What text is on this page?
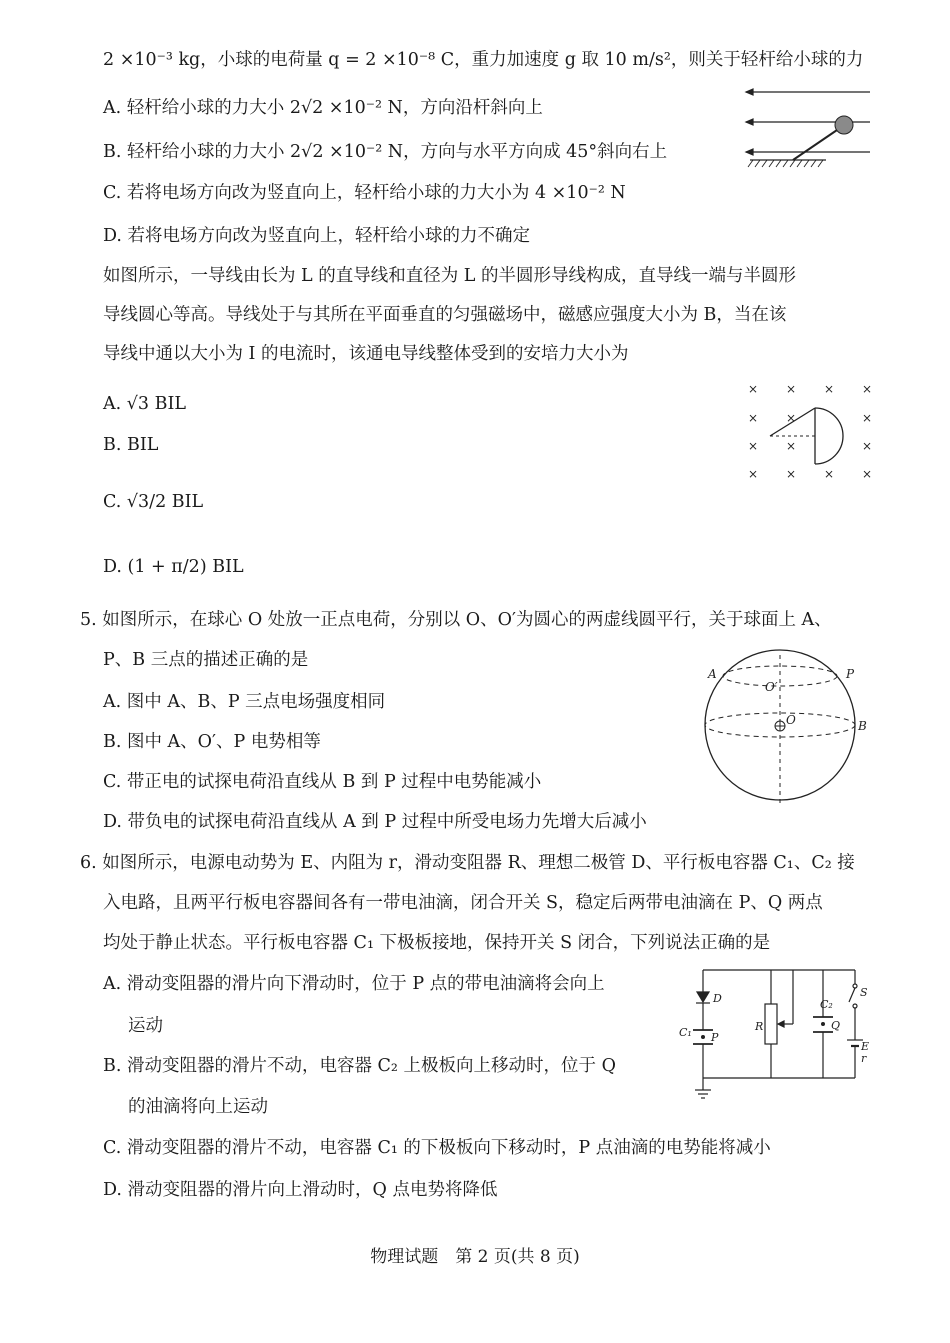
2 ×10⁻³ kg，小球的电荷量 q = 2 ×10⁻⁸ C，重力加速度 g 取 10 m/s²，则关于轻杆给小球的力
A. 轻杆给小球的力大小 2√2 ×10⁻² N，方向沿杆斜向上
B. 轻杆给小球的力大小 2√2 ×10⁻² N，方向与水平方向成 45°斜向右上
C. 若将电场方向改为竖直向上，轻杆给小球的力大小为 4 ×10⁻² N
D. 若将电场方向改为竖直向上，轻杆给小球的力不确定
如图所示，一导线由长为 L 的直导线和直径为 L 的半圆形导线构成，直导线一端与半圆形
导线圆心等高。导线处于与其所在平面垂直的匀强磁场中，磁感应强度大小为 B，当在该
导线中通以大小为 I 的电流时，该通电导线整体受到的安培力大小为
A. √3 BIL
B. BIL
C. √3/2 BIL
D. (1 + π/2) BIL
× × × ×
× ×	×
× ×	×
× × × ×
5. 如图所示，在球心 O 处放一正点电荷，分别以 O、O′为圆心的两虚线圆平行，关于球面上 A、
P、B 三点的描述正确的是
A. 图中 A、B、P 三点电场强度相同
B. 图中 A、O′、P 电势相等
C. 带正电的试探电荷沿直线从 B 到 P 过程中电势能减小
D. 带负电的试探电荷沿直线从 A 到 P 过程中所受电场力先增大后减小
A	P
O′
O	B
6. 如图所示，电源电动势为 E、内阻为 r，滑动变阻器 R、理想二极管 D、平行板电容器 C₁、C₂ 接
入电路，且两平行板电容器间各有一带电油滴，闭合开关 S，稳定后两带电油滴在 P、Q 两点
均处于静止状态。平行板电容器 C₁ 下极板接地，保持开关 S 闭合，下列说法正确的是
A. 滑动变阻器的滑片向下滑动时，位于 P 点的带电油滴将会向上
运动
B. 滑动变阻器的滑片不动，电容器 C₂ 上极板向上移动时，位于 Q
的油滴将向上运动
C. 滑动变阻器的滑片不动，电容器 C₁ 的下极板向下移动时，P 点油滴的电势能将减小
D. 滑动变阻器的滑片向上滑动时，Q 点电势将降低
D
C₁ P
R
C₂
Q
S
E
r
物理试题　第 2 页(共 8 页)
